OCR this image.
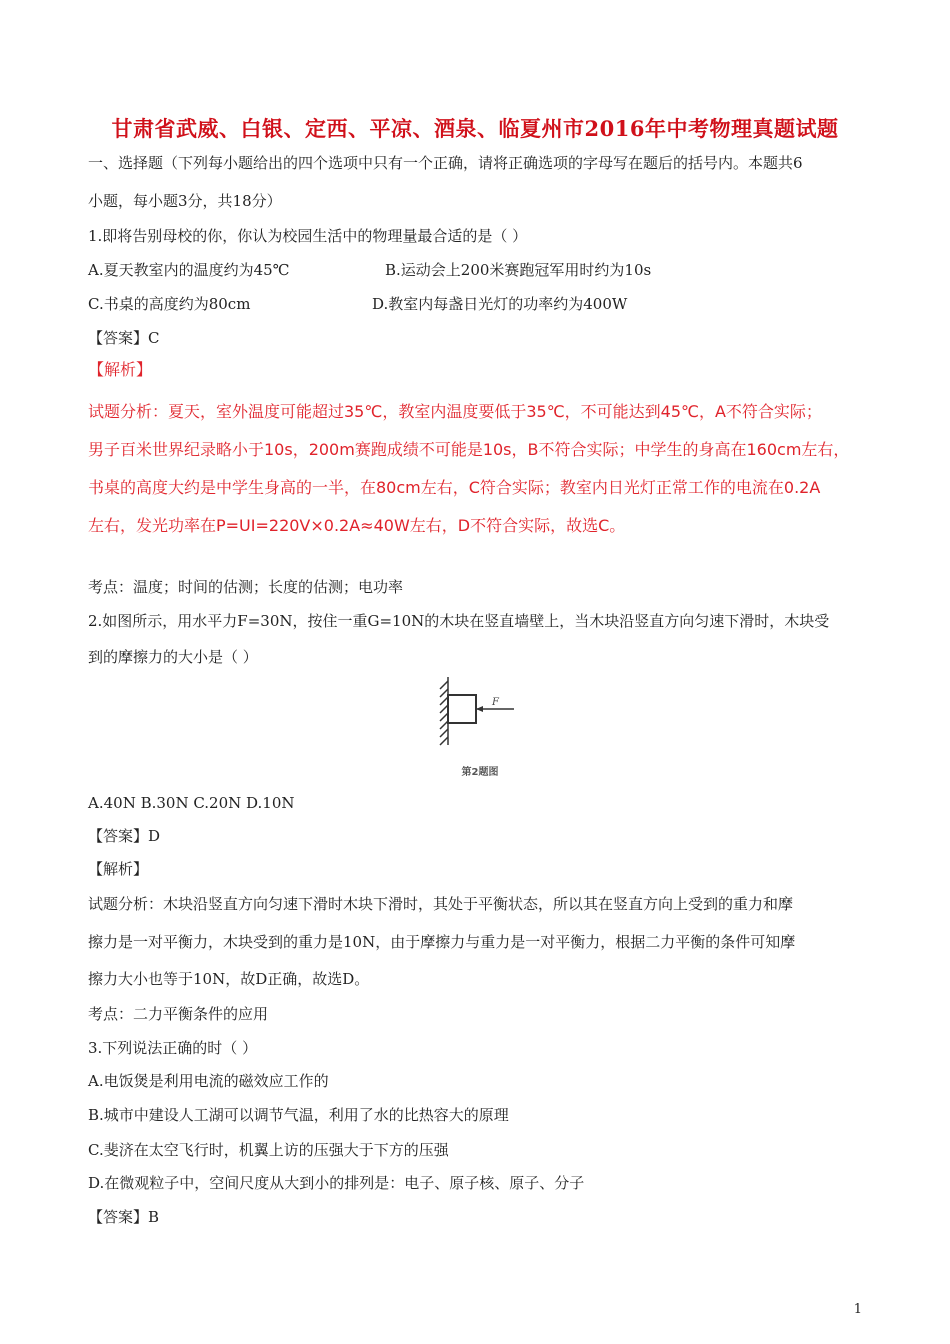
甘肃省武威、白银、定西、平凉、酒泉、临夏州市2016年中考物理真题试题
一、选择题（下列每小题给出的四个选项中只有一个正确，请将正确选项的字母写在题后的括号内。本题共6
小题，每小题3分，共18分）
1.即将告别母校的你，你认为校园生活中的物理量最合适的是（ ）
A.夏天教室内的温度约为45℃	B.运动会上200米赛跑冠军用时约为10s
C.书桌的高度约为80cm	D.教室内每盏日光灯的功率约为400W
【答案】C
【解析】
试题分析：夏天，室外温度可能超过35℃，教室内温度要低于35℃，不可能达到45℃，A不符合实际；
男子百米世界纪录略小于10s，200m赛跑成绩不可能是10s，B不符合实际；中学生的身高在160cm左右，
书桌的高度大约是中学生身高的一半，在80cm左右，C符合实际；教室内日光灯正常工作的电流在0.2A
左右，发光功率在P=UI=220V×0.2A≈40W左右，D不符合实际，故选C。
考点：温度；时间的估测；长度的估测；电功率
2.如图所示，用水平力F=30N，按住一重G=10N的木块在竖直墙壁上，当木块沿竖直方向匀速下滑时，木块受
到的摩擦力的大小是（ ）
F
第2题图
A.40N B.30N C.20N D.10N
【答案】D
【解析】
试题分析：木块沿竖直方向匀速下滑时木块下滑时，其处于平衡状态，所以其在竖直方向上受到的重力和摩
擦力是一对平衡力，木块受到的重力是10N，由于摩擦力与重力是一对平衡力，根据二力平衡的条件可知摩
擦力大小也等于10N，故D正确，故选D。
考点：二力平衡条件的应用
3.下列说法正确的时（ ）
A.电饭煲是利用电流的磁效应工作的
B.城市中建设人工湖可以调节气温，利用了水的比热容大的原理
C.斐济在太空飞行时，机翼上访的压强大于下方的压强
D.在微观粒子中，空间尺度从大到小的排列是：电子、原子核、原子、分子
【答案】B
1
